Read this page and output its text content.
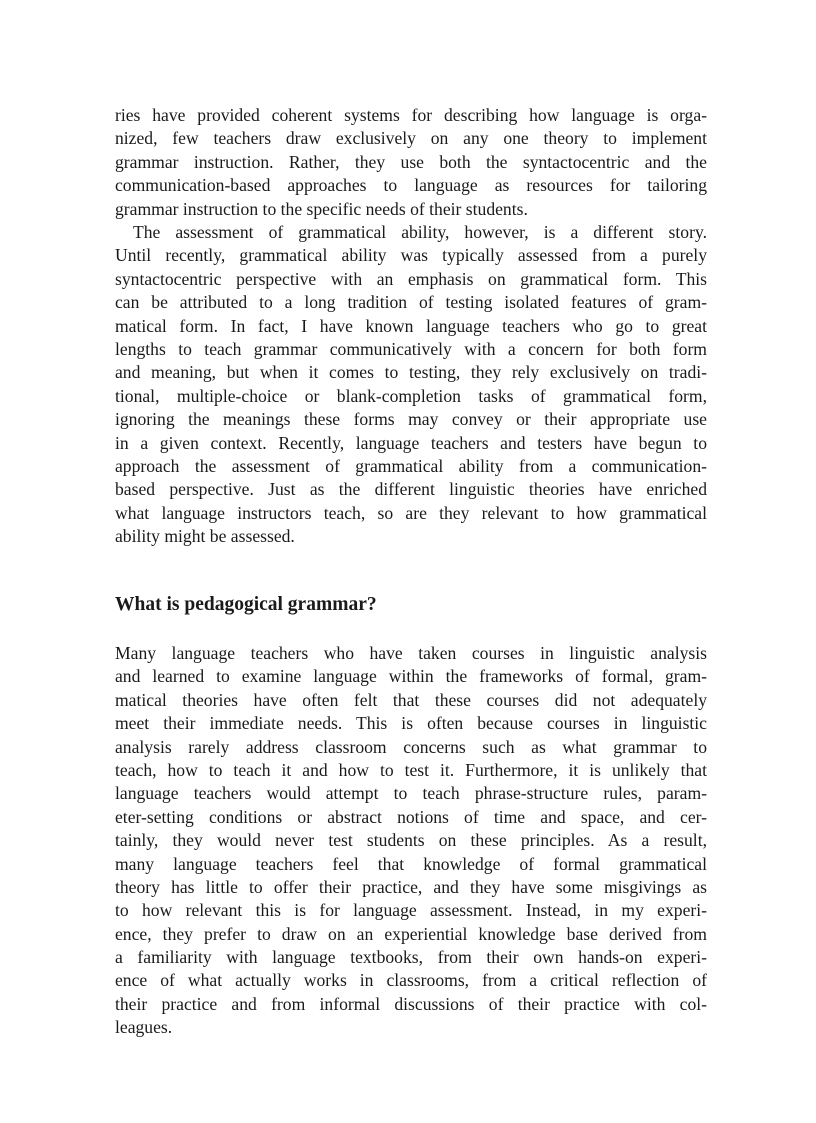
ries have provided coherent systems for describing how language is orga-
nized, few teachers draw exclusively on any one theory to implement
grammar instruction. Rather, they use both the syntactocentric and the
communication-based approaches to language as resources for tailoring
grammar instruction to the specific needs of their students.
The assessment of grammatical ability, however, is a different story.
Until recently, grammatical ability was typically assessed from a purely
syntactocentric perspective with an emphasis on grammatical form. This
can be attributed to a long tradition of testing isolated features of gram-
matical form. In fact, I have known language teachers who go to great
lengths to teach grammar communicatively with a concern for both form
and meaning, but when it comes to testing, they rely exclusively on tradi-
tional, multiple-choice or blank-completion tasks of grammatical form,
ignoring the meanings these forms may convey or their appropriate use
in a given context. Recently, language teachers and testers have begun to
approach the assessment of grammatical ability from a communication-
based perspective. Just as the different linguistic theories have enriched
what language instructors teach, so are they relevant to how grammatical
ability might be assessed.
What is pedagogical grammar?
Many language teachers who have taken courses in linguistic analysis
and learned to examine language within the frameworks of formal, gram-
matical theories have often felt that these courses did not adequately
meet their immediate needs. This is often because courses in linguistic
analysis rarely address classroom concerns such as what grammar to
teach, how to teach it and how to test it. Furthermore, it is unlikely that
language teachers would attempt to teach phrase-structure rules, param-
eter-setting conditions or abstract notions of time and space, and cer-
tainly, they would never test students on these principles. As a result,
many language teachers feel that knowledge of formal grammatical
theory has little to offer their practice, and they have some misgivings as
to how relevant this is for language assessment. Instead, in my experi-
ence, they prefer to draw on an experiential knowledge base derived from
a familiarity with language textbooks, from their own hands-on experi-
ence of what actually works in classrooms, from a critical reflection of
their practice and from informal discussions of their practice with col-
leagues.
